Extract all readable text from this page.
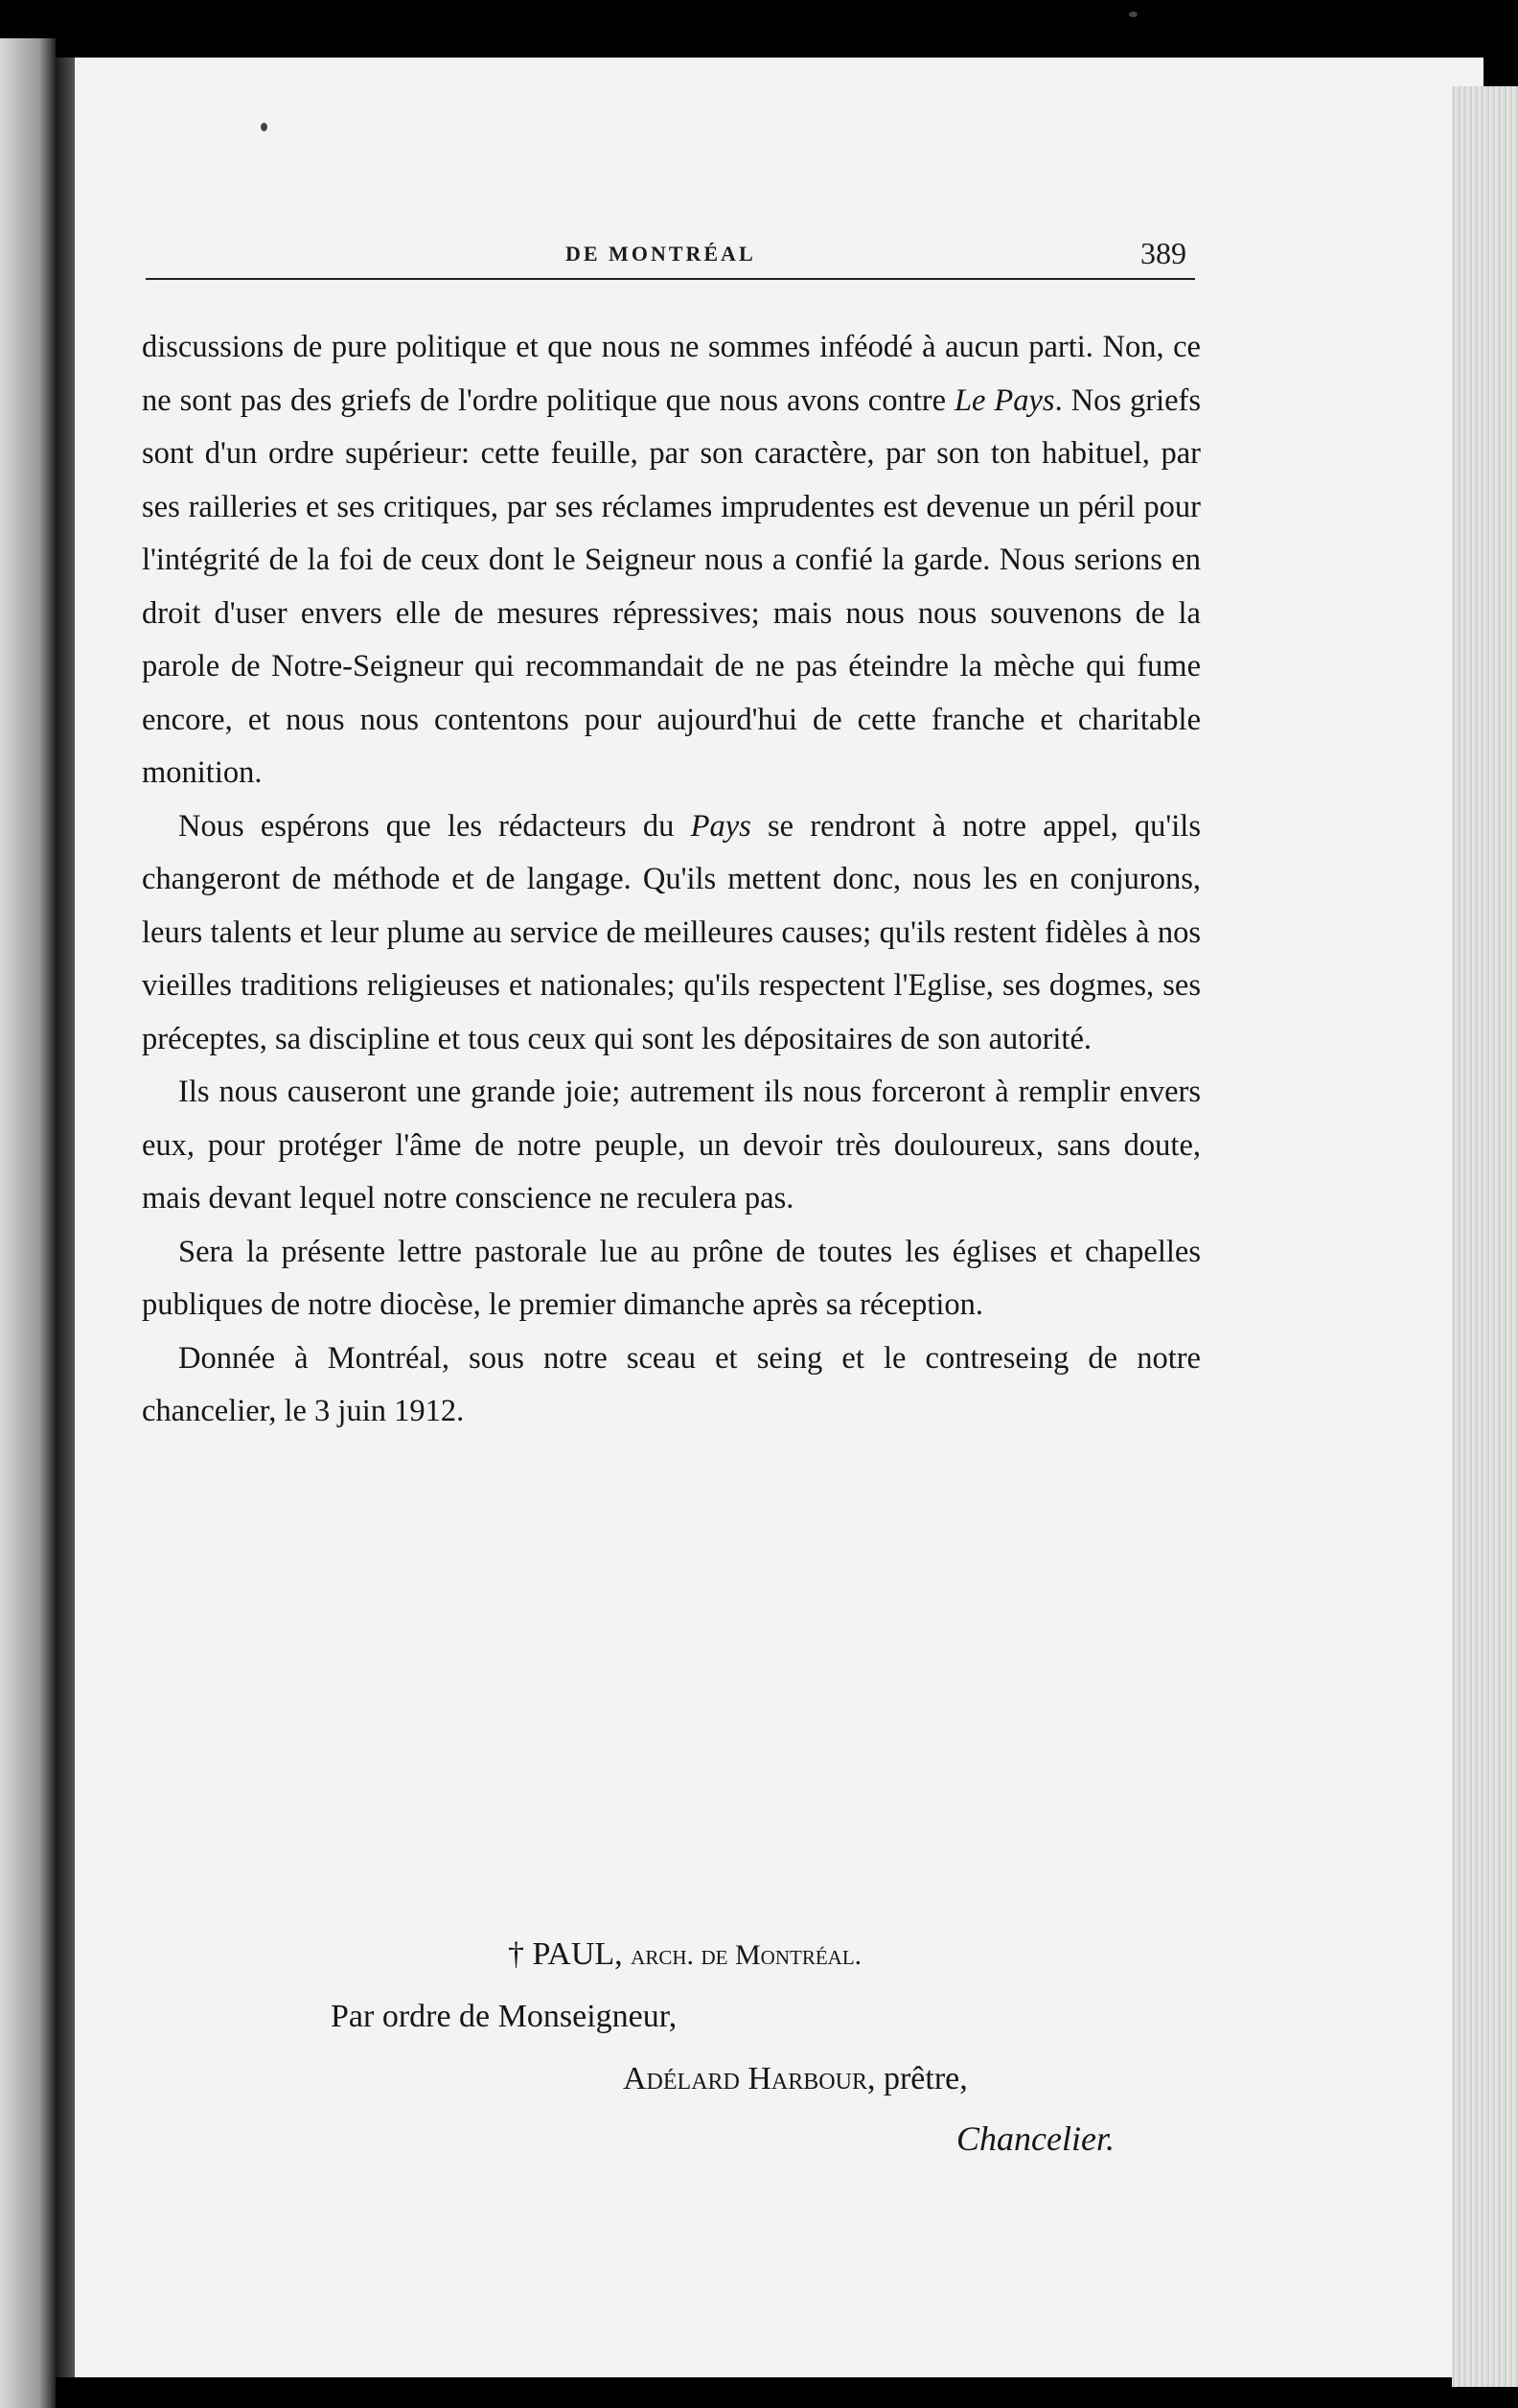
DE MONTRÉAL	389

discussions de pure politique et que nous ne sommes inféodé à aucun parti. Non, ce ne sont pas des griefs de l'ordre politique que nous avons contre Le Pays. Nos griefs sont d'un ordre supérieur: cette feuille, par son caractère, par son ton habituel, par ses railleries et ses critiques, par ses réclames imprudentes est devenue un péril pour l'intégrité de la foi de ceux dont le Seigneur nous a confié la garde. Nous serions en droit d'user envers elle de mesures répressives; mais nous nous souvenons de la parole de Notre-Seigneur qui recommandait de ne pas éteindre la mèche qui fume encore, et nous nous contentons pour aujourd'hui de cette franche et charitable monition.

Nous espérons que les rédacteurs du Pays se rendront à notre appel, qu'ils changeront de méthode et de langage. Qu'ils mettent donc, nous les en conjurons, leurs talents et leur plume au service de meilleures causes; qu'ils restent fidèles à nos vieilles traditions religieuses et nationales; qu'ils respectent l'Eglise, ses dogmes, ses préceptes, sa discipline et tous ceux qui sont les dépositaires de son autorité.

Ils nous causeront une grande joie; autrement ils nous forceront à remplir envers eux, pour protéger l'âme de notre peuple, un devoir très douloureux, sans doute, mais devant lequel notre conscience ne reculera pas.

Sera la présente lettre pastorale lue au prône de toutes les églises et chapelles publiques de notre diocèse, le premier dimanche après sa réception.

Donnée à Montréal, sous notre sceau et seing et le contreseing de notre chancelier, le 3 juin 1912.

† PAUL, arch. de Montréal.
Par ordre de Monseigneur,
Adélard Harbour, prêtre,
Chancelier.
